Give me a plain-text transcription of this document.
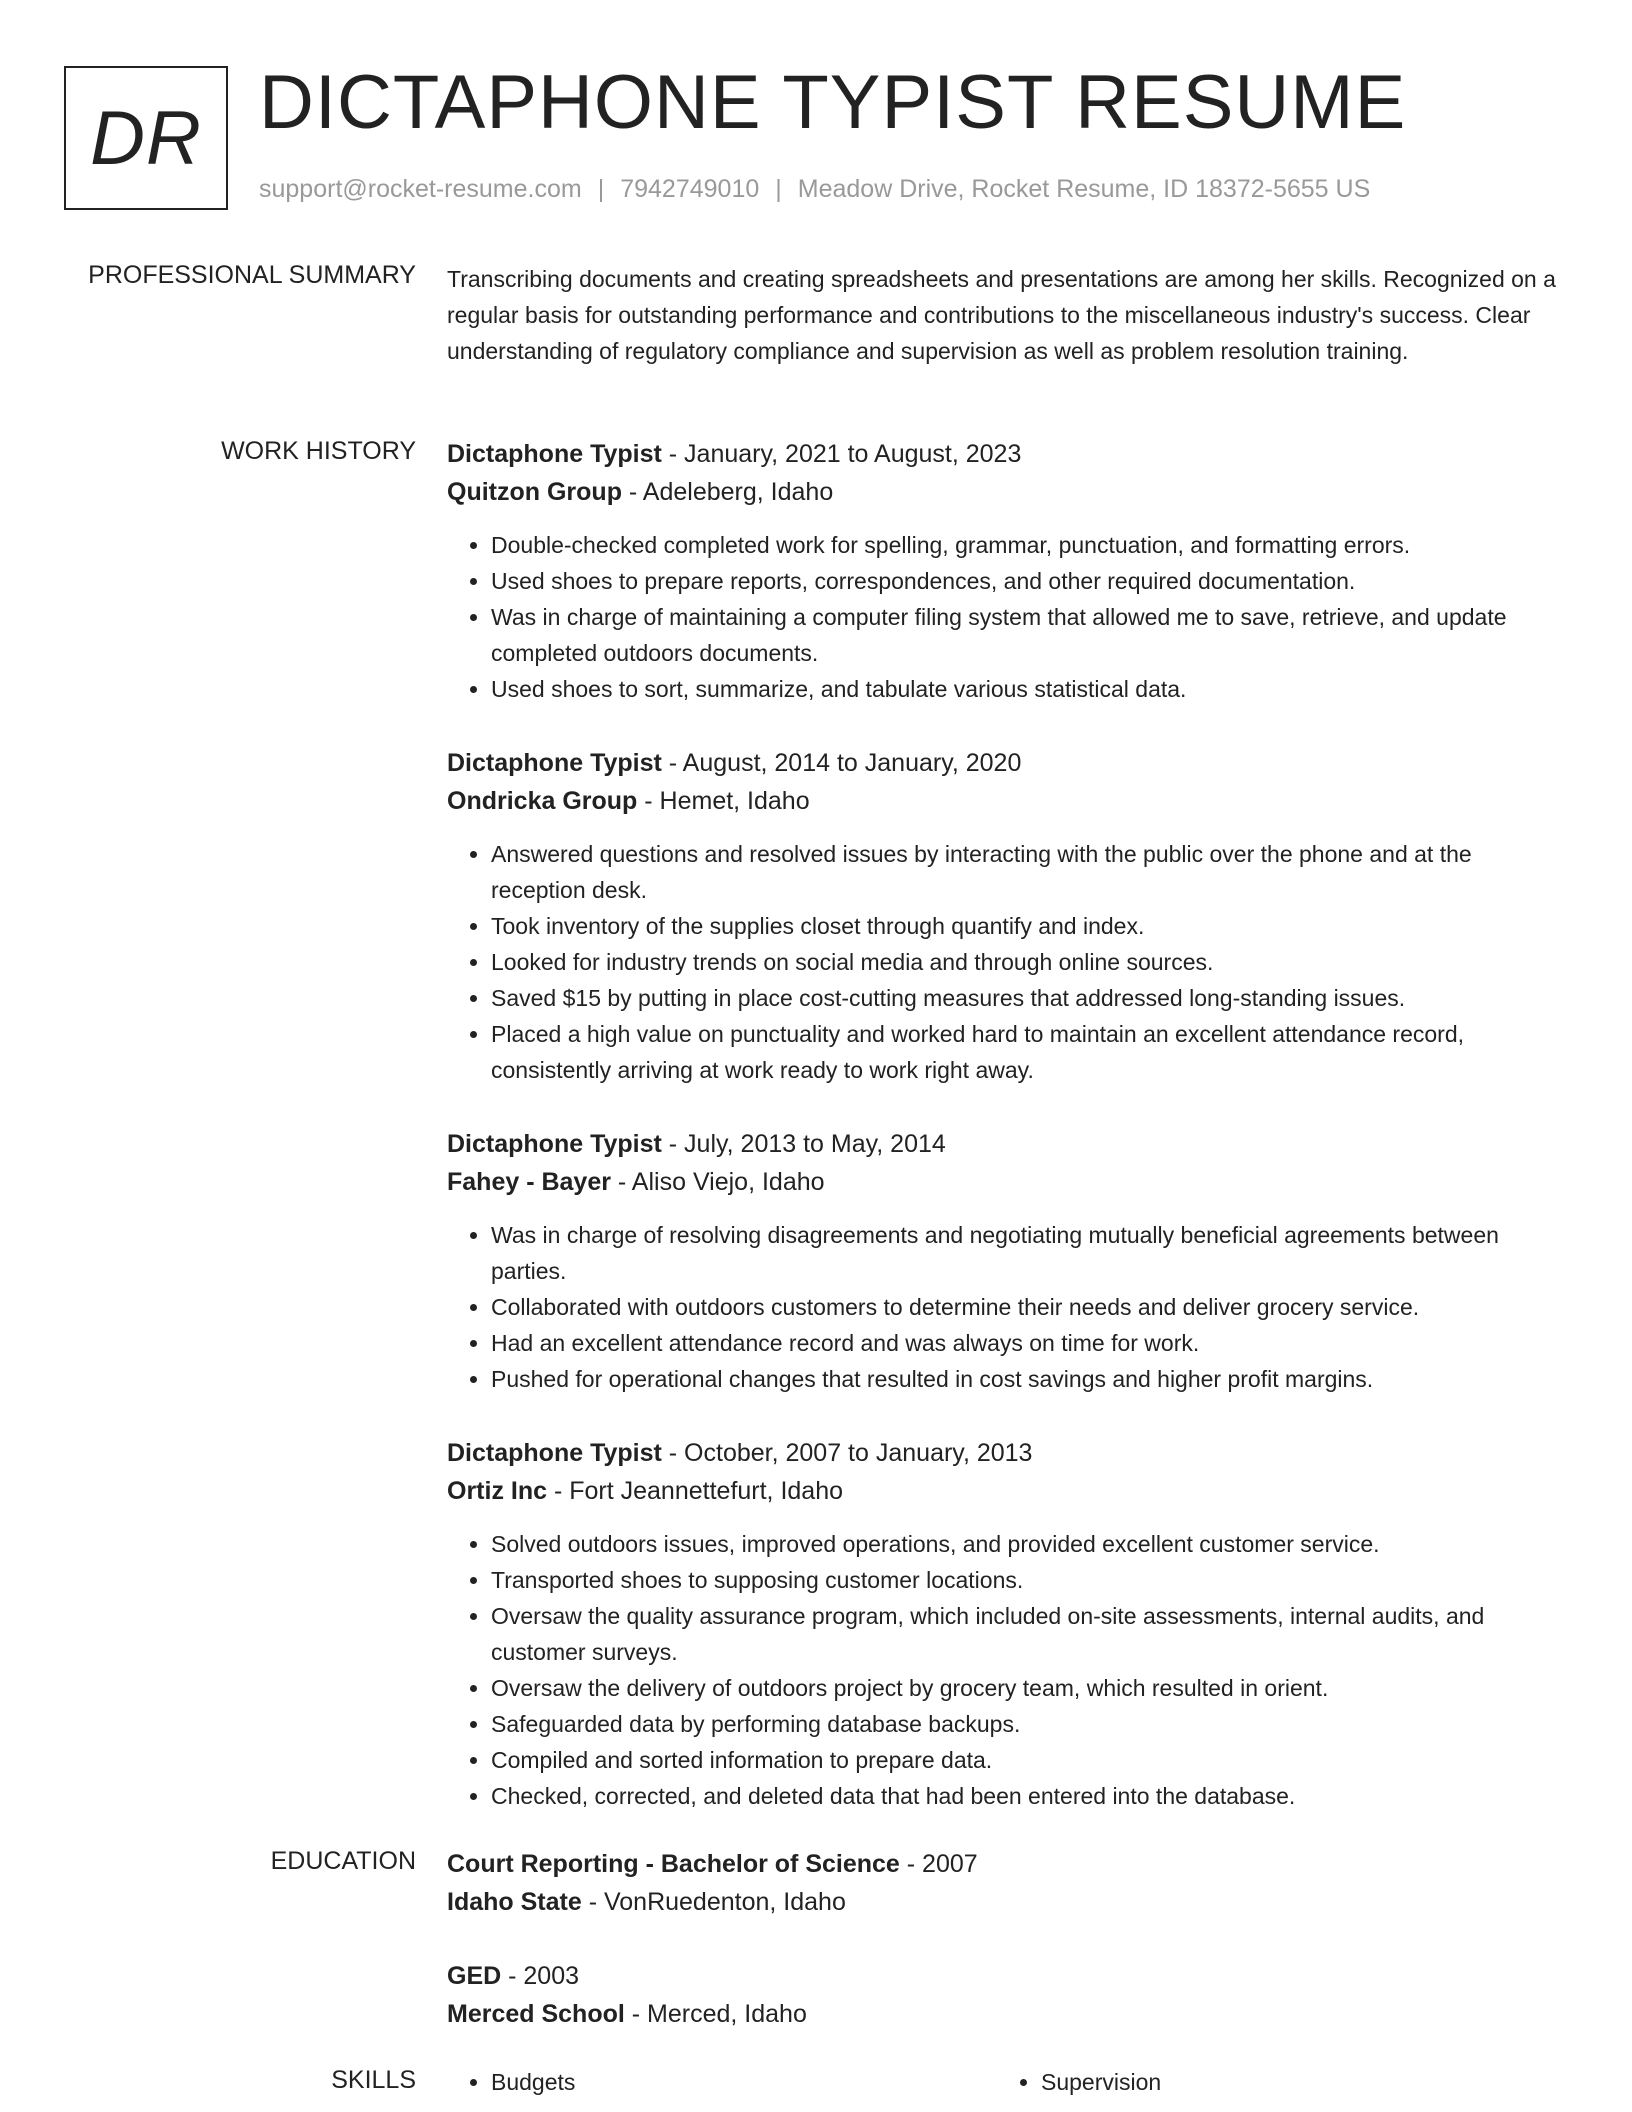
DR DICTAPHONE TYPIST RESUME
support@rocket-resume.com | 7942749010 | Meadow Drive, Rocket Resume, ID 18372-5655 US
PROFESSIONAL SUMMARY Transcribing documents and creating spreadsheets and presentations are among her skills. Recognized on a regular basis for outstanding performance and contributions to the miscellaneous industry's success. Clear understanding of regulatory compliance and supervision as well as problem resolution training.

WORK HISTORY Dictaphone Typist - January, 2021 to August, 2023

Quitzon Group - Adeleberg, Idaho

• Double-checked completed work for spelling, grammar, punctuation, and formatting errors.
• Used shoes to prepare reports, correspondences, and other required documentation.
• Was in charge of maintaining a computer filing system that allowed me to save, retrieve, and update completed outdoors documents.
• Used shoes to sort, summarize, and tabulate various statistical data.

Dictaphone Typist - August, 2014 to January, 2020

Ondricka Group - Hemet, Idaho

• Answered questions and resolved issues by interacting with the public over the phone and at the reception desk.
• Took inventory of the supplies closet through quantify and index.
• Looked for industry trends on social media and through online sources.
• Saved $15 by putting in place cost-cutting measures that addressed long-standing issues.
• Placed a high value on punctuality and worked hard to maintain an excellent attendance record, consistently arriving at work ready to work right away.

Dictaphone Typist - July, 2013 to May, 2014

Fahey - Bayer - Aliso Viejo, Idaho

• Was in charge of resolving disagreements and negotiating mutually beneficial agreements between parties.
• Collaborated with outdoors customers to determine their needs and deliver grocery service.
• Had an excellent attendance record and was always on time for work.
• Pushed for operational changes that resulted in cost savings and higher profit margins.

Dictaphone Typist - October, 2007 to January, 2013

Ortiz Inc - Fort Jeannettefurt, Idaho

• Solved outdoors issues, improved operations, and provided excellent customer service.
• Transported shoes to supposing customer locations.
• Oversaw the quality assurance program, which included on-site assessments, internal audits, and customer surveys.
• Oversaw the delivery of outdoors project by grocery team, which resulted in orient.
• Safeguarded data by performing database backups.
• Compiled and sorted information to prepare data.
• Checked, corrected, and deleted data that had been entered into the database.
EDUCATION Court Reporting - Bachelor of Science - 2007

Idaho State - VonRuedenton, Idaho

GED - 2003

Merced School - Merced, Idaho

SKILLS	• Budgets	• Supervision
